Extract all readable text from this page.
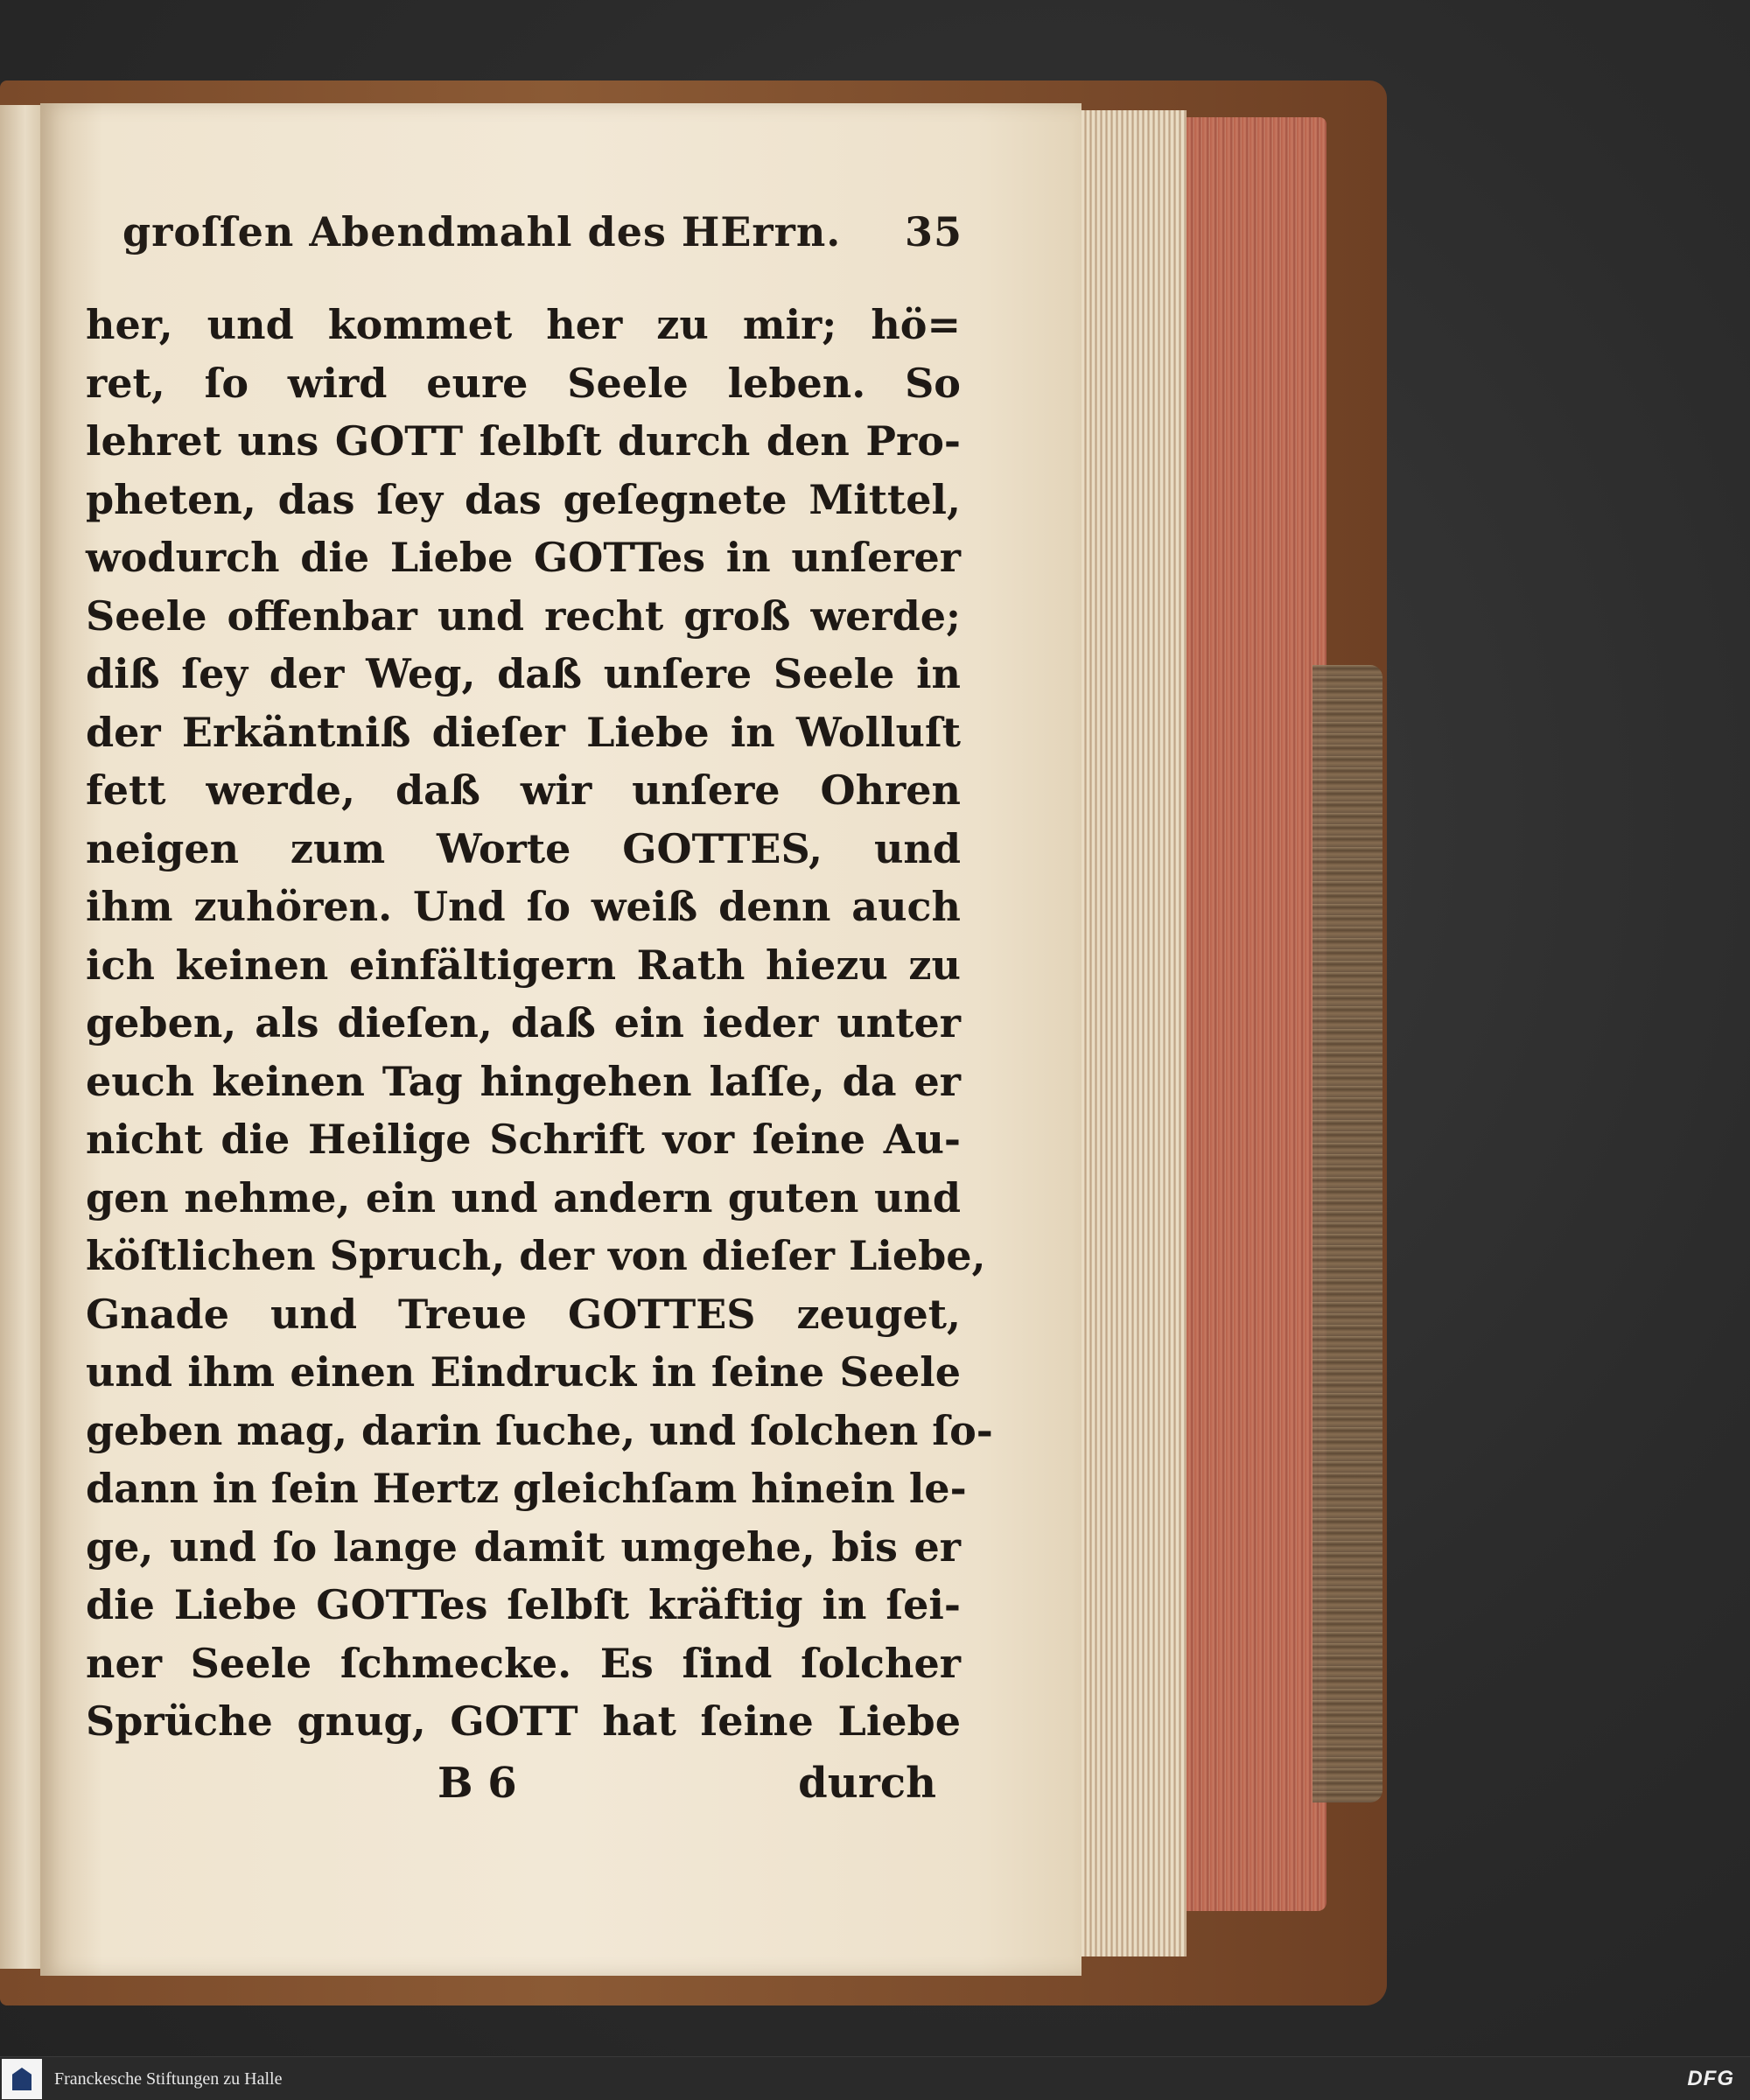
groſſen Abendmahl des HErrn. 35
her, und kommet her zu mir; hö=
ret, ſo wird eure Seele leben. So
lehret uns GOTT ſelbſt durch den Pro-
pheten, das ſey das geſegnete Mittel,
wodurch die Liebe GOTTes in unſerer
Seele offenbar und recht groß werde;
diß ſey der Weg, daß unſere Seele in
der Erkäntniß dieſer Liebe in Wolluſt
fett werde, daß wir unſere Ohren
neigen zum Worte GOTTES, und
ihm zuhören. Und ſo weiß denn auch
ich keinen einfältigern Rath hiezu zu
geben, als dieſen, daß ein ieder unter
euch keinen Tag hingehen laſſe, da er
nicht die Heilige Schrift vor ſeine Au-
gen nehme, ein und andern guten und
köſtlichen Spruch, der von dieſer Liebe,
Gnade und Treue GOTTES zeuget,
und ihm einen Eindruck in ſeine Seele
geben mag, darin ſuche, und ſolchen ſo-
dann in ſein Hertz gleichſam hinein le-
ge, und ſo lange damit umgehe, bis er
die Liebe GOTTes ſelbſt kräftig in ſei-
ner Seele ſchmecke. Es ſind ſolcher
Sprüche gnug, GOTT hat ſeine Liebe
B 6	durch
Franckesche Stiftungen zu Halle	DFG
